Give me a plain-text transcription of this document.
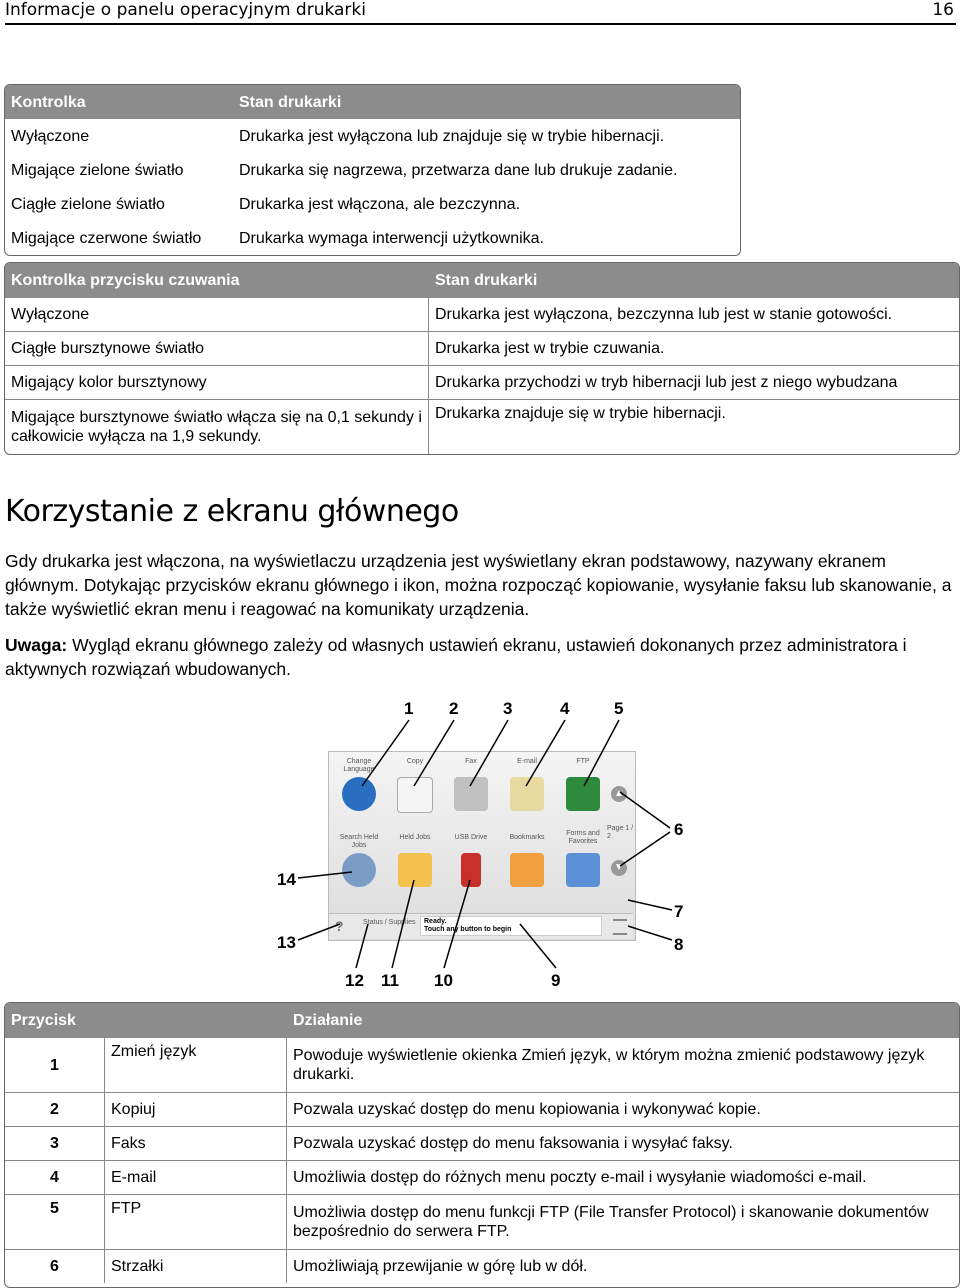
Informacje o panelu operacyjnym drukarki	16
Kontrolka	Stan drukarki
Wyłączone	Drukarka jest wyłączona lub znajduje się w trybie hibernacji.
Migające zielone światło	Drukarka się nagrzewa, przetwarza dane lub drukuje zadanie.
Ciągłe zielone światło	Drukarka jest włączona, ale bezczynna.
Migające czerwone światło	Drukarka wymaga interwencji użytkownika.
Kontrolka przycisku czuwania	Stan drukarki
Wyłączone	Drukarka jest wyłączona, bezczynna lub jest w stanie gotowości.
Ciągłe bursztynowe światło	Drukarka jest w trybie czuwania.
Migający kolor bursztynowy	Drukarka przychodzi w tryb hibernacji lub jest z niego wybudzana
Migające bursztynowe światło włącza się na 0,1 sekundy i całkowicie wyłącza na 1,9 sekundy.	Drukarka znajduje się w trybie hibernacji.
Korzystanie z ekranu głównego

Gdy drukarka jest włączona, na wyświetlaczu urządzenia jest wyświetlany ekran podstawowy, nazywany ekranem głównym. Dotykając przycisków ekranu głównego i ikon, można rozpocząć kopiowanie, wysyłanie faksu lub skanowanie, a także wyświetlić ekran menu i reagować na komunikaty urządzenia.

Uwaga: Wygląd ekranu głównego zależy od własnych ustawień ekranu, ustawień dokonanych przez administratora i aktywnych rozwiązań wbudowanych.

Change Language
Copy	Fax	E-mail	FTP
▲
Page 1 / 2
▼
Search Held Jobs
Held Jobs	USB Drive	Bookmarks
Forms and Favorites
?	Status / Supplies Ready.
Touch any button to begin
1 2	3	4	5
6
7
8
9
10
11
12
13
14
Przycisk		Działanie
1	Zmień język	Powoduje wyświetlenie okienka Zmień język, w którym można zmienić podstawowy język drukarki.
2	Kopiuj	Pozwala uzyskać dostęp do menu kopiowania i wykonywać kopie.
3	Faks	Pozwala uzyskać dostęp do menu faksowania i wysyłać faksy.
4	E-mail	Umożliwia dostęp do różnych menu poczty e-mail i wysyłanie wiadomości e-mail.
5	FTP	Umożliwia dostęp do menu funkcji FTP (File Transfer Protocol) i skanowanie dokumentów bezpośrednio do serwera FTP.
6	Strzałki	Umożliwiają przewijanie w górę lub w dół.
